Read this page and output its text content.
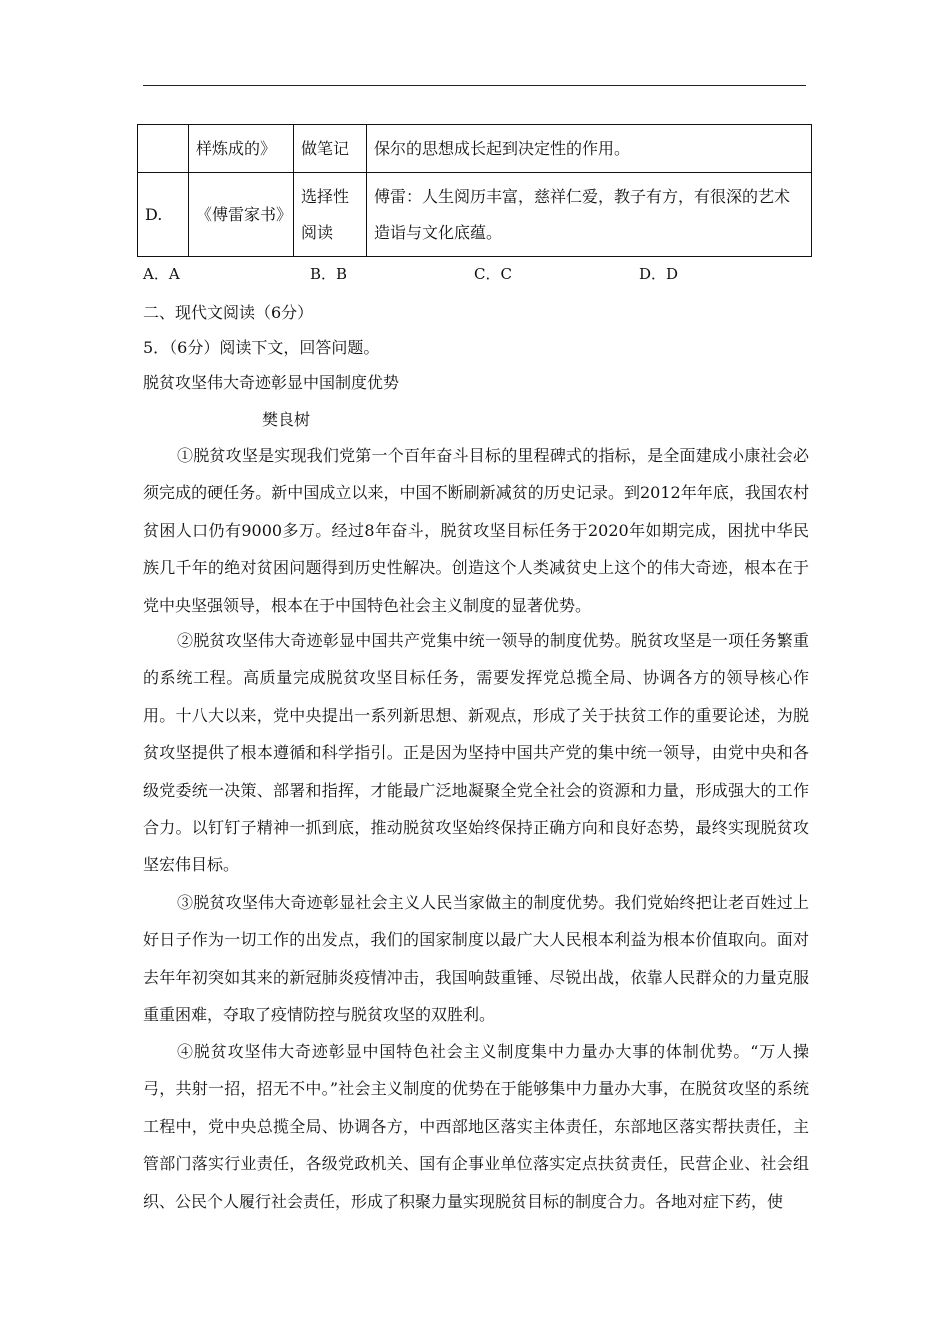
	样炼成的》	做笔记	保尔的思想成长起到决定性的作用。
D.	《傅雷家书》	选择性阅读	傅雷：人生阅历丰富，慈祥仁爱，教子有方，有很深的艺术造诣与文化底蕴。
A．A	B．B	C．C	D．D
二、现代文阅读（6分）
5．（6分）阅读下文，回答问题。
脱贫攻坚伟大奇迹彰显中国制度优势
樊良树

①脱贫攻坚是实现我们党第一个百年奋斗目标的里程碑式的指标，是全面建成小康社会必须完成的硬任务。新中国成立以来，中国不断刷新减贫的历史记录。到2012年年底，我国农村贫困人口仍有9000多万。经过8年奋斗，脱贫攻坚目标任务于2020年如期完成，困扰中华民族几千年的绝对贫困问题得到历史性解决。创造这个人类减贫史上这个的伟大奇迹，根本在于党中央坚强领导，根本在于中国特色社会主义制度的显著优势。

②脱贫攻坚伟大奇迹彰显中国共产党集中统一领导的制度优势。脱贫攻坚是一项任务繁重的系统工程。高质量完成脱贫攻坚目标任务，需要发挥党总揽全局、协调各方的领导核心作用。十八大以来，党中央提出一系列新思想、新观点，形成了关于扶贫工作的重要论述，为脱贫攻坚提供了根本遵循和科学指引。正是因为坚持中国共产党的集中统一领导，由党中央和各级党委统一决策、部署和指挥，才能最广泛地凝聚全党全社会的资源和力量，形成强大的工作合力。以钉钉子精神一抓到底，推动脱贫攻坚始终保持正确方向和良好态势，最终实现脱贫攻坚宏伟目标。

③脱贫攻坚伟大奇迹彰显社会主义人民当家做主的制度优势。我们党始终把让老百姓过上好日子作为一切工作的出发点，我们的国家制度以最广大人民根本利益为根本价值取向。面对去年年初突如其来的新冠肺炎疫情冲击，我国响鼓重锤、尽锐出战，依靠人民群众的力量克服重重困难，夺取了疫情防控与脱贫攻坚的双胜利。

④脱贫攻坚伟大奇迹彰显中国特色社会主义制度集中力量办大事的体制优势。“万人操弓，共射一招，招无不中。”社会主义制度的优势在于能够集中力量办大事，在脱贫攻坚的系统工程中，党中央总揽全局、协调各方，中西部地区落实主体责任，东部地区落实帮扶责任，主管部门落实行业责任，各级党政机关、国有企事业单位落实定点扶贫责任，民营企业、社会组织、公民个人履行社会责任，形成了积聚力量实现脱贫目标的制度合力。各地对症下药，使
